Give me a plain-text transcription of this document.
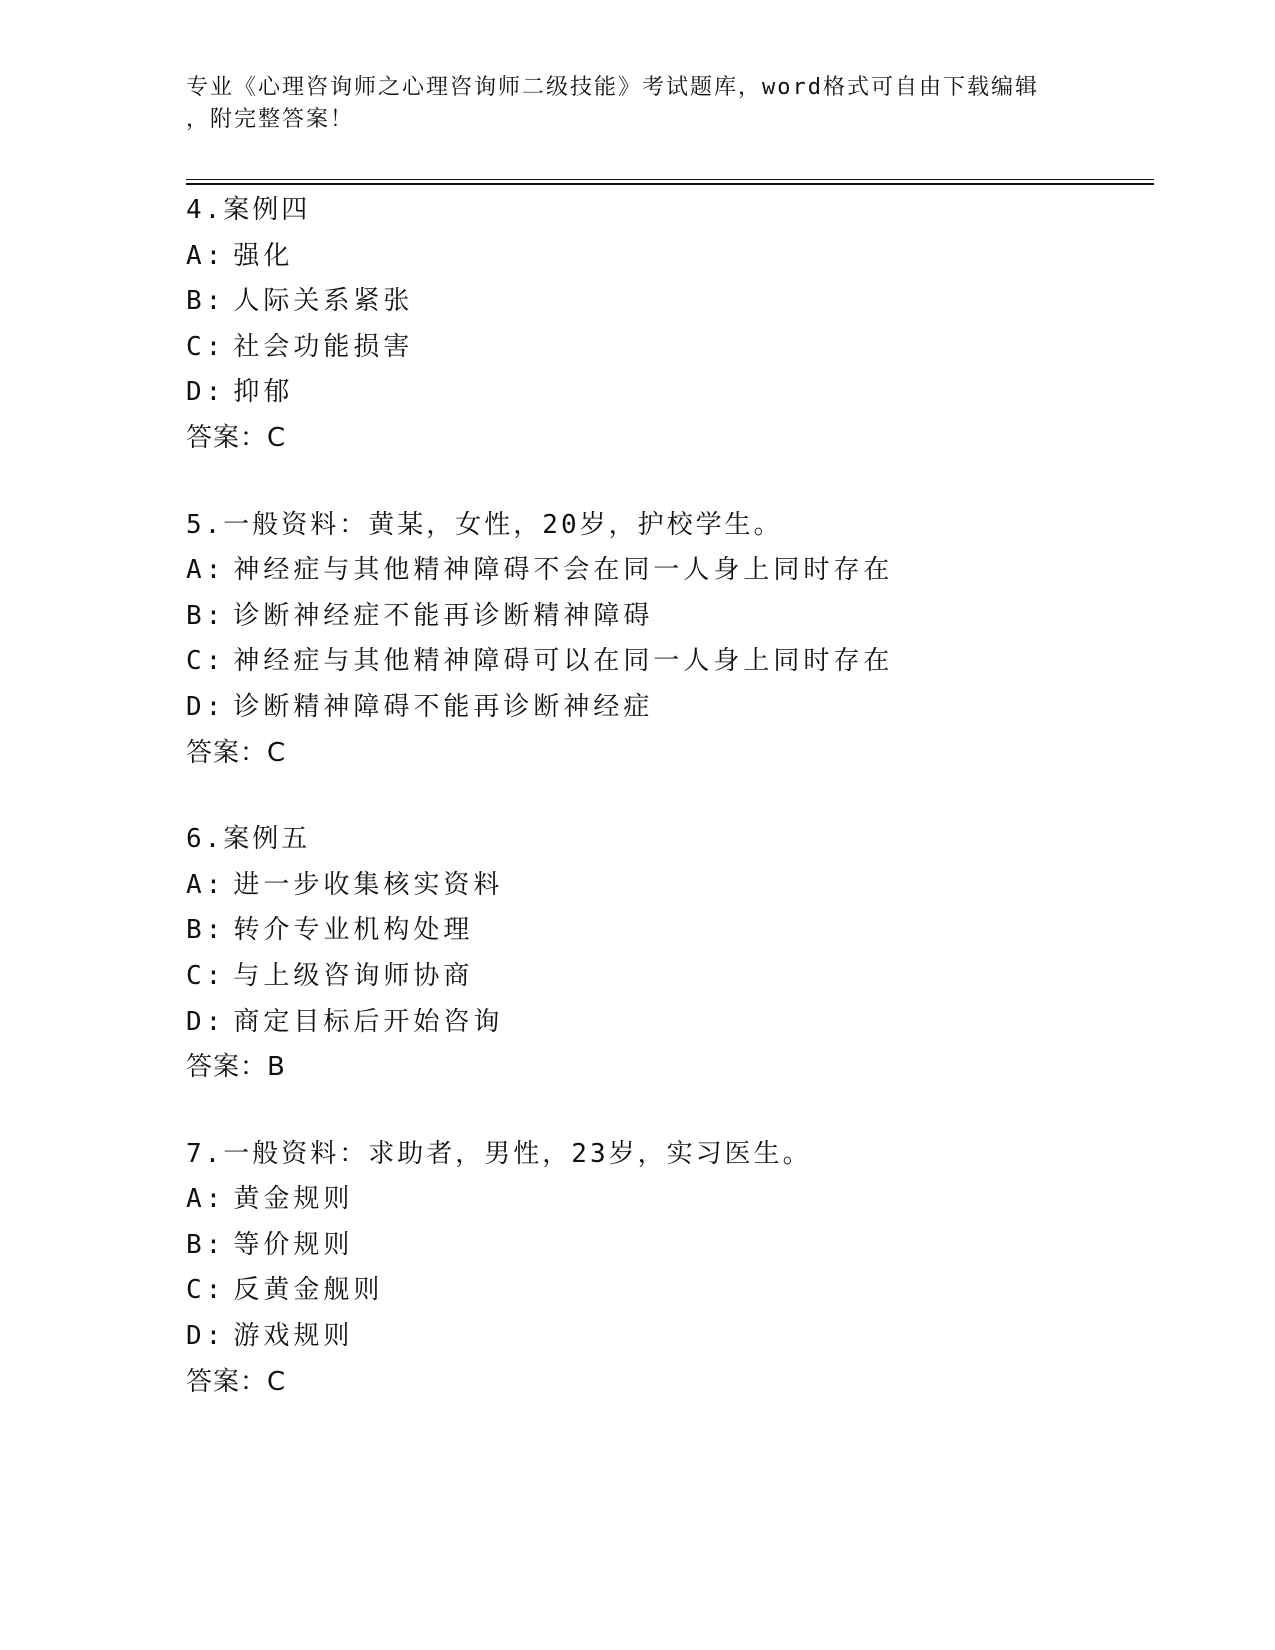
专业《心理咨询师之心理咨询师二级技能》考试题库，word格式可自由下载编辑
，附完整答案！
4.案例四
A: 强化
B: 人际关系紧张
C: 社会功能损害
D: 抑郁
答案：C
5.一般资料：黄某，女性，20岁，护校学生。
A: 神经症与其他精神障碍不会在同一人身上同时存在
B: 诊断神经症不能再诊断精神障碍
C: 神经症与其他精神障碍可以在同一人身上同时存在
D: 诊断精神障碍不能再诊断神经症
答案：C
6.案例五
A: 进一步收集核实资料
B: 转介专业机构处理
C: 与上级咨询师协商
D: 商定目标后开始咨询
答案：B
7.一般资料：求助者，男性，23岁，实习医生。
A: 黄金规则
B: 等价规则
C: 反黄金舰则
D: 游戏规则
答案：C
